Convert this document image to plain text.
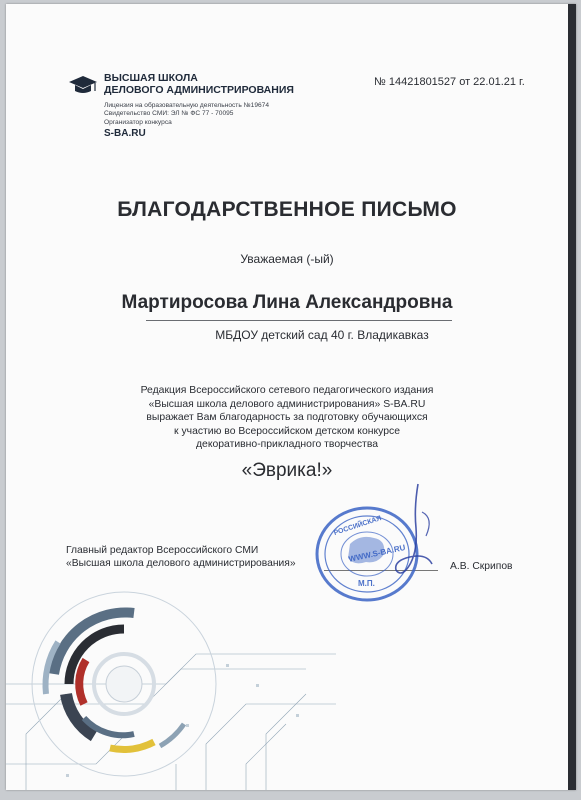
ВЫСШАЯ ШКОЛА
ДЕЛОВОГО АДМИНИСТРИРОВАНИЯ
Лицензия на образовательную деятельность №19674
Свидетельство СМИ: ЭЛ № ФС 77 - 70095
Организатор конкурса
S-BA.RU
№ 14421801527 от 22.01.21 г.
БЛАГОДАРСТВЕННОЕ ПИСЬМО
Уважаемая (-ый)
Мартиросова Лина Александровна
МБДОУ детский сад 40 г. Владикавказ
Редакция Всероссийского сетевого педагогического издания
«Высшая школа делового администрирования» S-BA.RU
выражает Вам благодарность за подготовку обучающихся
к участию во Всероссийском детском конкурсе
декоративно-прикладного творчества
«Эврика!»
Главный редактор Всероссийского СМИ
«Высшая школа делового администрирования»	А.В. Скрипов
РОССИЙСКАЯ
WWW.S-BA.RU
М.П.
